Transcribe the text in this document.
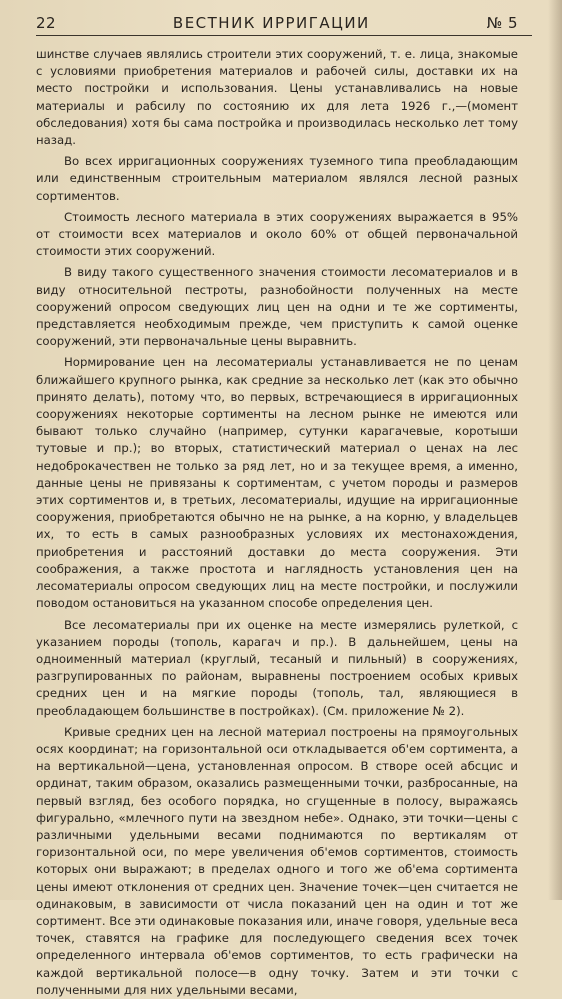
22	ВЕСТНИК ИРРИГАЦИИ	№ 5

шинстве случаев являлись строители этих сооружений, т. е. лица, знакомые с условиями приобретения материалов и рабочей силы, доставки их на место постройки и использования. Цены устанавливались на новые материалы и рабсилу по состоянию их для лета 1926 г.,—(момент обследования) хотя бы сама постройка и производилась несколько лет тому назад.

Во всех ирригационных сооружениях туземного типа преобладающим или единственным строительным материалом являлся лесной разных сортиментов.

Стоимость лесного материала в этих сооружениях выражается в 95% от стоимости всех материалов и около 60% от общей первоначальной стоимости этих сооружений.

В виду такого существенного значения стоимости лесоматериалов и в виду относительной пестроты, разнобойности полученных на месте сооружений опросом сведующих лиц цен на одни и те же сортименты, представляется необходимым прежде, чем приступить к самой оценке сооружений, эти первоначальные цены выравнить.

Нормирование цен на лесоматериалы устанавливается не по ценам ближайшего крупного рынка, как средние за несколько лет (как это обычно принято делать), потому что, во первых, встречающиеся в ирригационных сооружениях некоторые сортименты на лесном рынке не имеются или бывают только случайно (например, сутунки карагачевые, коротыши тутовые и пр.); во вторых, статистический материал о ценах на лес недоброкачествен не только за ряд лет, но и за текущее время, а именно, данные цены не привязаны к сортиментам, с учетом породы и размеров этих сортиментов и, в третьих, лесоматериалы, идущие на ирригационные сооружения, приобретаются обычно не на рынке, а на корню, у владельцев их, то есть в самых разнообразных условиях их местонахождения, приобретения и расстояний доставки до места сооружения. Эти соображения, а также простота и наглядность установления цен на лесоматериалы опросом сведующих лиц на месте постройки, и послужили поводом остановиться на указанном способе определения цен.

Все лесоматериалы при их оценке на месте измерялись рулеткой, с указанием породы (тополь, карагач и пр.). В дальнейшем, цены на одноименный материал (круглый, тесаный и пильный) в сооружениях, разгрупированных по районам, выравнены построением особых кривых средних цен и на мягкие породы (тополь, тал, являющиеся в преобладающем большинстве в постройках). (См. приложение № 2).

Кривые средних цен на лесной материал построены на прямоугольных осях координат; на горизонтальной оси откладывается об'ем сортимента, а на вертикальной—цена, установленная опросом. В створе осей абсцис и ординат, таким образом, оказались размещенными точки, разбросанные, на первый взгляд, без особого порядка, но сгущенные в полосу, выражаясь фигурально, «млечного пути на звездном небе». Однако, эти точки—цены с различными удельными весами поднимаются по вертикалям от горизонтальной оси, по мере увеличения об'емов сортиментов, стоимость которых они выражают; в пределах одного и того же об'ема сортимента цены имеют отклонения от средних цен. Значение точек—цен считается не одинаковым, в зависимости от числа показаний цен на один и тот же сортимент. Все эти одинаковые показания или, иначе говоря, удельные веса точек, ставятся на графике для последующего сведения всех точек определенного интервала об'емов сортиментов, то есть графически на каждой вертикальной полосе—в одну точку. Затем и эти точки с полученными для них удельными весами,
